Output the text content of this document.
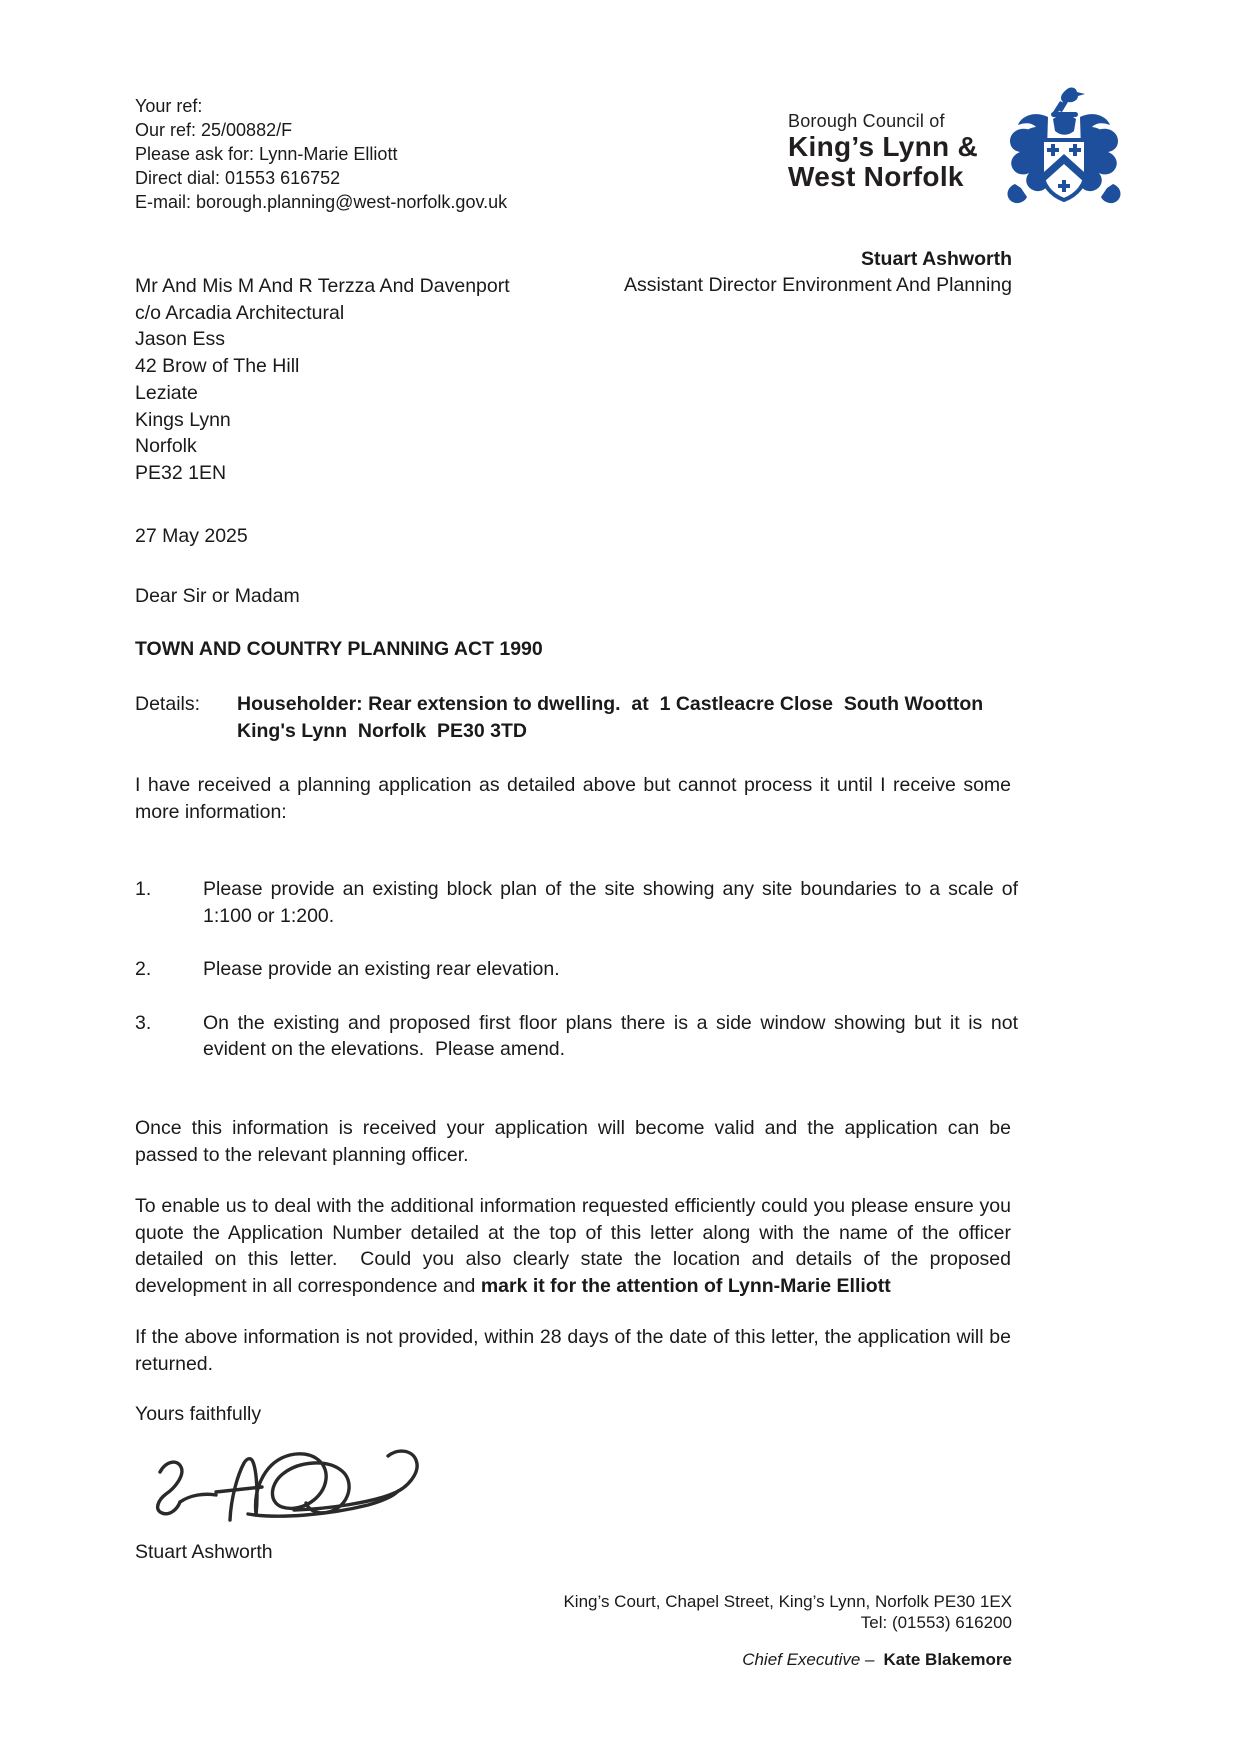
Your ref:
Our ref: 25/00882/F
Please ask for: Lynn-Marie Elliott
Direct dial: 01553 616752
E-mail: borough.planning@west-norfolk.gov.uk
Borough Council of
King’s Lynn &
West Norfolk
Stuart Ashworth
Assistant Director Environment And Planning
Mr And Mis M And R Terzza And Davenport
c/o Arcadia Architectural
Jason Ess
42 Brow of The Hill
Leziate
Kings Lynn
Norfolk
PE32 1EN
27 May 2025
Dear Sir or Madam
TOWN AND COUNTRY PLANNING ACT 1990
Details:	Householder: Rear extension to dwelling.  at  1 Castleacre Close  South Wootton
King's Lynn  Norfolk  PE30 3TD
I have received a planning application as detailed above but cannot process it until I receive some more information:
1.	Please provide an existing block plan of the site showing any site boundaries to a scale of 1:100 or 1:200.
2.	Please provide an existing rear elevation.
3.	On the existing and proposed first floor plans there is a side window showing but it is not evident on the elevations.  Please amend.
Once this information is received your application will become valid and the application can be passed to the relevant planning officer.
To enable us to deal with the additional information requested efficiently could you please ensure you quote the Application Number detailed at the top of this letter along with the name of the officer detailed on this letter.  Could you also clearly state the location and details of the proposed development in all correspondence and mark it for the attention of Lynn-Marie Elliott
If the above information is not provided, within 28 days of the date of this letter, the application will be returned.
Yours faithfully
Stuart Ashworth
King’s Court, Chapel Street, King’s Lynn, Norfolk PE30 1EX
Tel: (01553) 616200
Chief Executive – Kate Blakemore
